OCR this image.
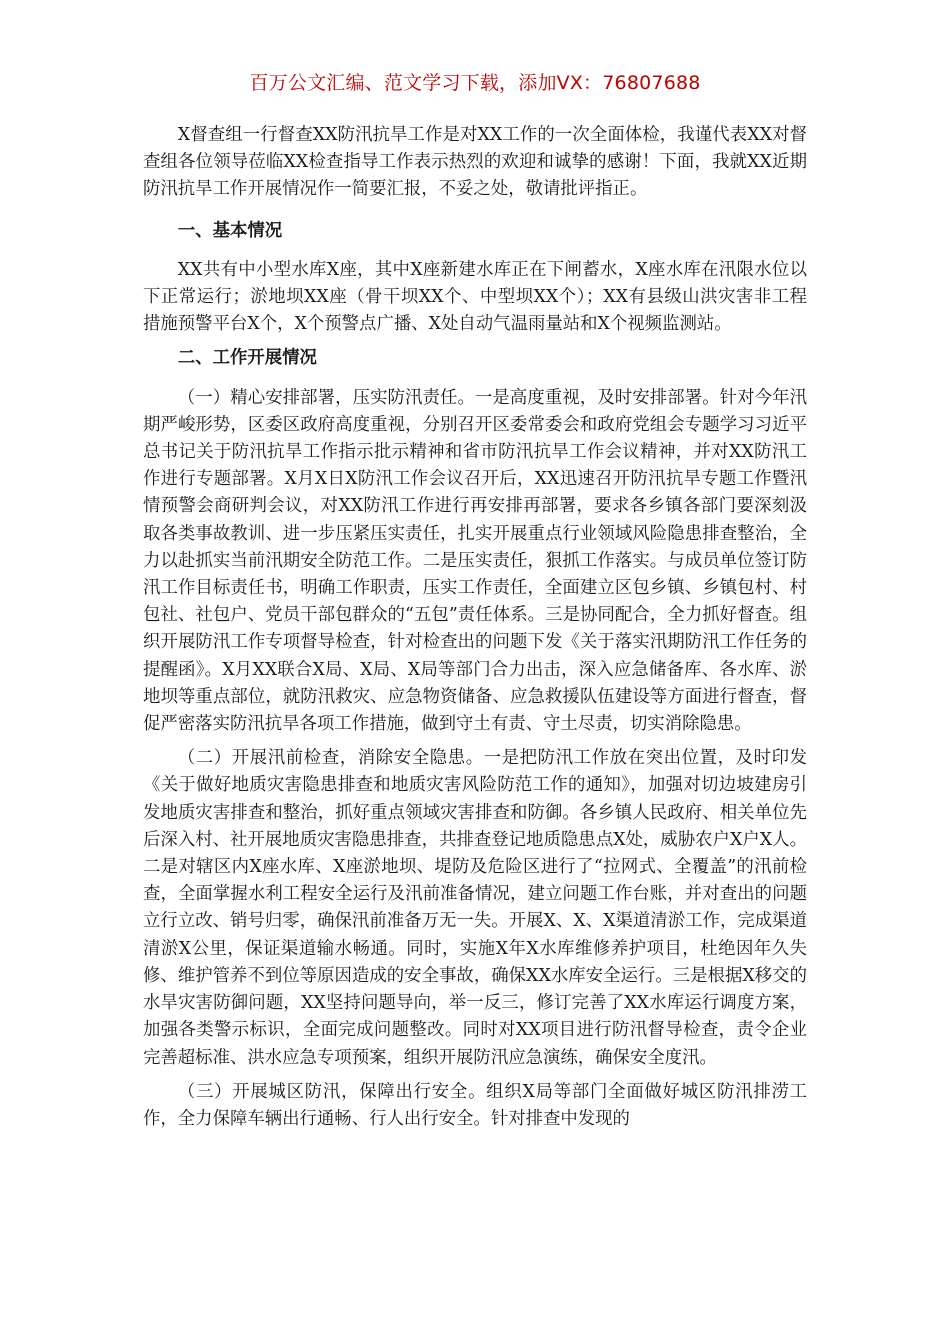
百万公文汇编、范文学习下载，添加VX：76807688

X督查组一行督查XX防汛抗旱工作是对XX工作的一次全面体检，我谨代表XX对督查组各位领导莅临XX检查指导工作表示热烈的欢迎和诚挚的感谢！下面，我就XX近期防汛抗旱工作开展情况作一简要汇报，不妥之处，敬请批评指正。

一、基本情况

XX共有中小型水库X座，其中X座新建水库正在下闸蓄水，X座水库在汛限水位以下正常运行；淤地坝XX座（骨干坝XX个、中型坝XX个）；XX有县级山洪灾害非工程措施预警平台X个，X个预警点广播、X处自动气温雨量站和X个视频监测站。

二、工作开展情况

（一）精心安排部署，压实防汛责任。一是高度重视，及时安排部署。针对今年汛期严峻形势，区委区政府高度重视，分别召开区委常委会和政府党组会专题学习习近平总书记关于防汛抗旱工作指示批示精神和省市防汛抗旱工作会议精神，并对XX防汛工作进行专题部署。X月X日X防汛工作会议召开后，XX迅速召开防汛抗旱专题工作暨汛情预警会商研判会议，对XX防汛工作进行再安排再部署，要求各乡镇各部门要深刻汲取各类事故教训、进一步压紧压实责任，扎实开展重点行业领域风险隐患排查整治，全力以赴抓实当前汛期安全防范工作。二是压实责任，狠抓工作落实。与成员单位签订防汛工作目标责任书，明确工作职责，压实工作责任，全面建立区包乡镇、乡镇包村、村包社、社包户、党员干部包群众的“五包”责任体系。三是协同配合，全力抓好督查。组织开展防汛工作专项督导检查，针对检查出的问题下发《关于落实汛期防汛工作任务的提醒函》。X月XX联合X局、X局、X局等部门合力出击，深入应急储备库、各水库、淤地坝等重点部位，就防汛救灾、应急物资储备、应急救援队伍建设等方面进行督查，督促严密落实防汛抗旱各项工作措施，做到守土有责、守土尽责，切实消除隐患。

（二）开展汛前检查，消除安全隐患。一是把防汛工作放在突出位置，及时印发《关于做好地质灾害隐患排查和地质灾害风险防范工作的通知》，加强对切边坡建房引发地质灾害排查和整治，抓好重点领域灾害排查和防御。各乡镇人民政府、相关单位先后深入村、社开展地质灾害隐患排查，共排查登记地质隐患点X处，威胁农户X户X人。二是对辖区内X座水库、X座淤地坝、堤防及危险区进行了“拉网式、全覆盖”的汛前检查，全面掌握水利工程安全运行及汛前准备情况，建立问题工作台账，并对查出的问题立行立改、销号归零，确保汛前准备万无一失。开展X、X、X渠道清淤工作，完成渠道清淤X公里，保证渠道输水畅通。同时，实施X年X水库维修养护项目，杜绝因年久失修、维护管养不到位等原因造成的安全事故，确保XX水库安全运行。三是根据X移交的水旱灾害防御问题，XX坚持问题导向，举一反三，修订完善了XX水库运行调度方案，加强各类警示标识，全面完成问题整改。同时对XX项目进行防汛督导检查，责令企业完善超标准、洪水应急专项预案，组织开展防汛应急演练，确保安全度汛。

（三）开展城区防汛，保障出行安全。组织X局等部门全面做好城区防汛排涝工作，全力保障车辆出行通畅、行人出行安全。针对排查中发现的
